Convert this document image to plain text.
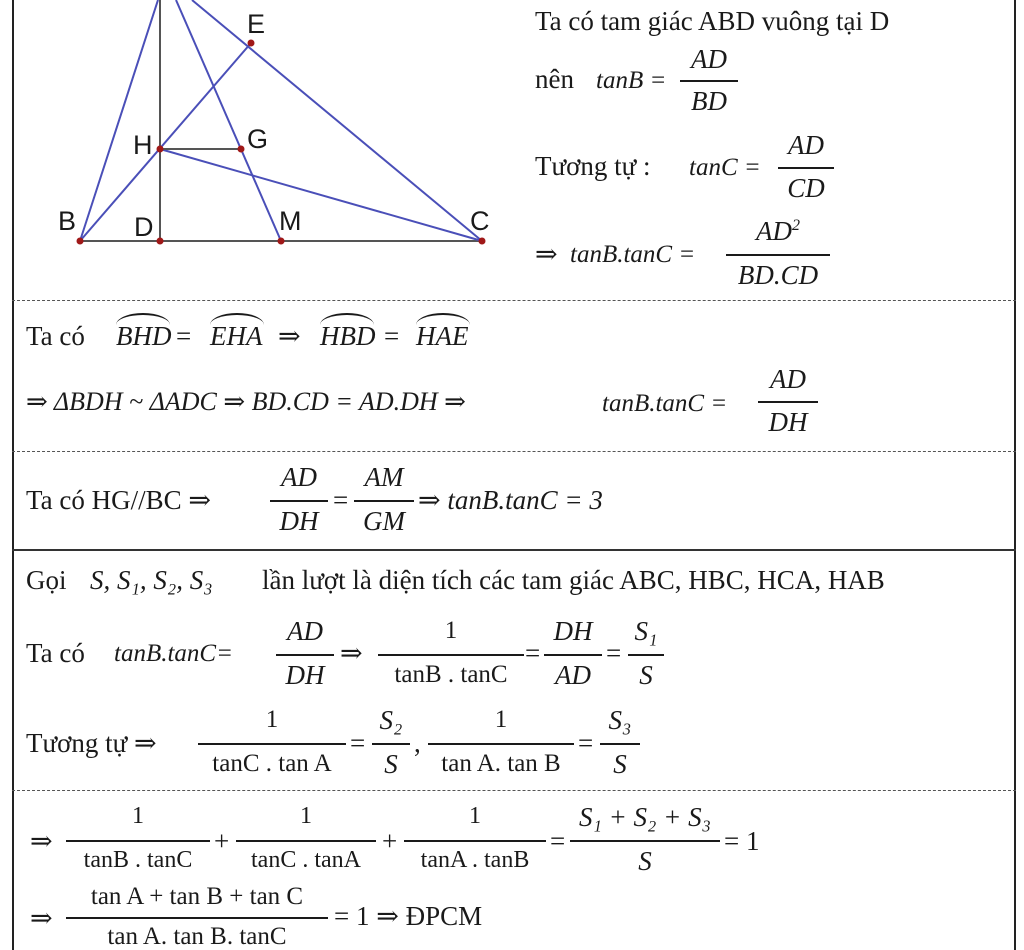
E
H	G
B D	M	C
Ta có tam giác ABD vuông tại D
nên tanB =
AD
BD
Tương tự : tanC =
AD
CD
⇒ tanB.tanC =
$AD^2$
BD.CD
Ta có BHD = EHA ⇒ HBD = HAE
⇒ ΔBDH ~ ΔADC ⇒ BD.CD = AD.DH ⇒	tanB.tanC =
AD
DH
Ta có HG//BC ⇒
AD
DH
=
AM
GM
⇒ tanB.tanC = 3
Gọi S, S₁, S₂, S₃ lần lượt là diện tích các tam giác ABC, HBC, HCA, HAB
Ta có tanB.tanC=
AD
DH
⇒
1
tanB . tanC
=
DH
AD
=
S₁
S
Tương tự ⇒
1
tanC . tan A
=
S₂
S
,
1
tan A. tan B
=
S₃
S
⇒
1
tanB . tanC
+
1
tanC . tanA
+
1
tanA . tanB
=
S₁ + S₂ + S₃
S
= 1
⇒
tan A + tan B + tan C
tan A. tan B. tanC
= 1 ⇒ ĐPCM
